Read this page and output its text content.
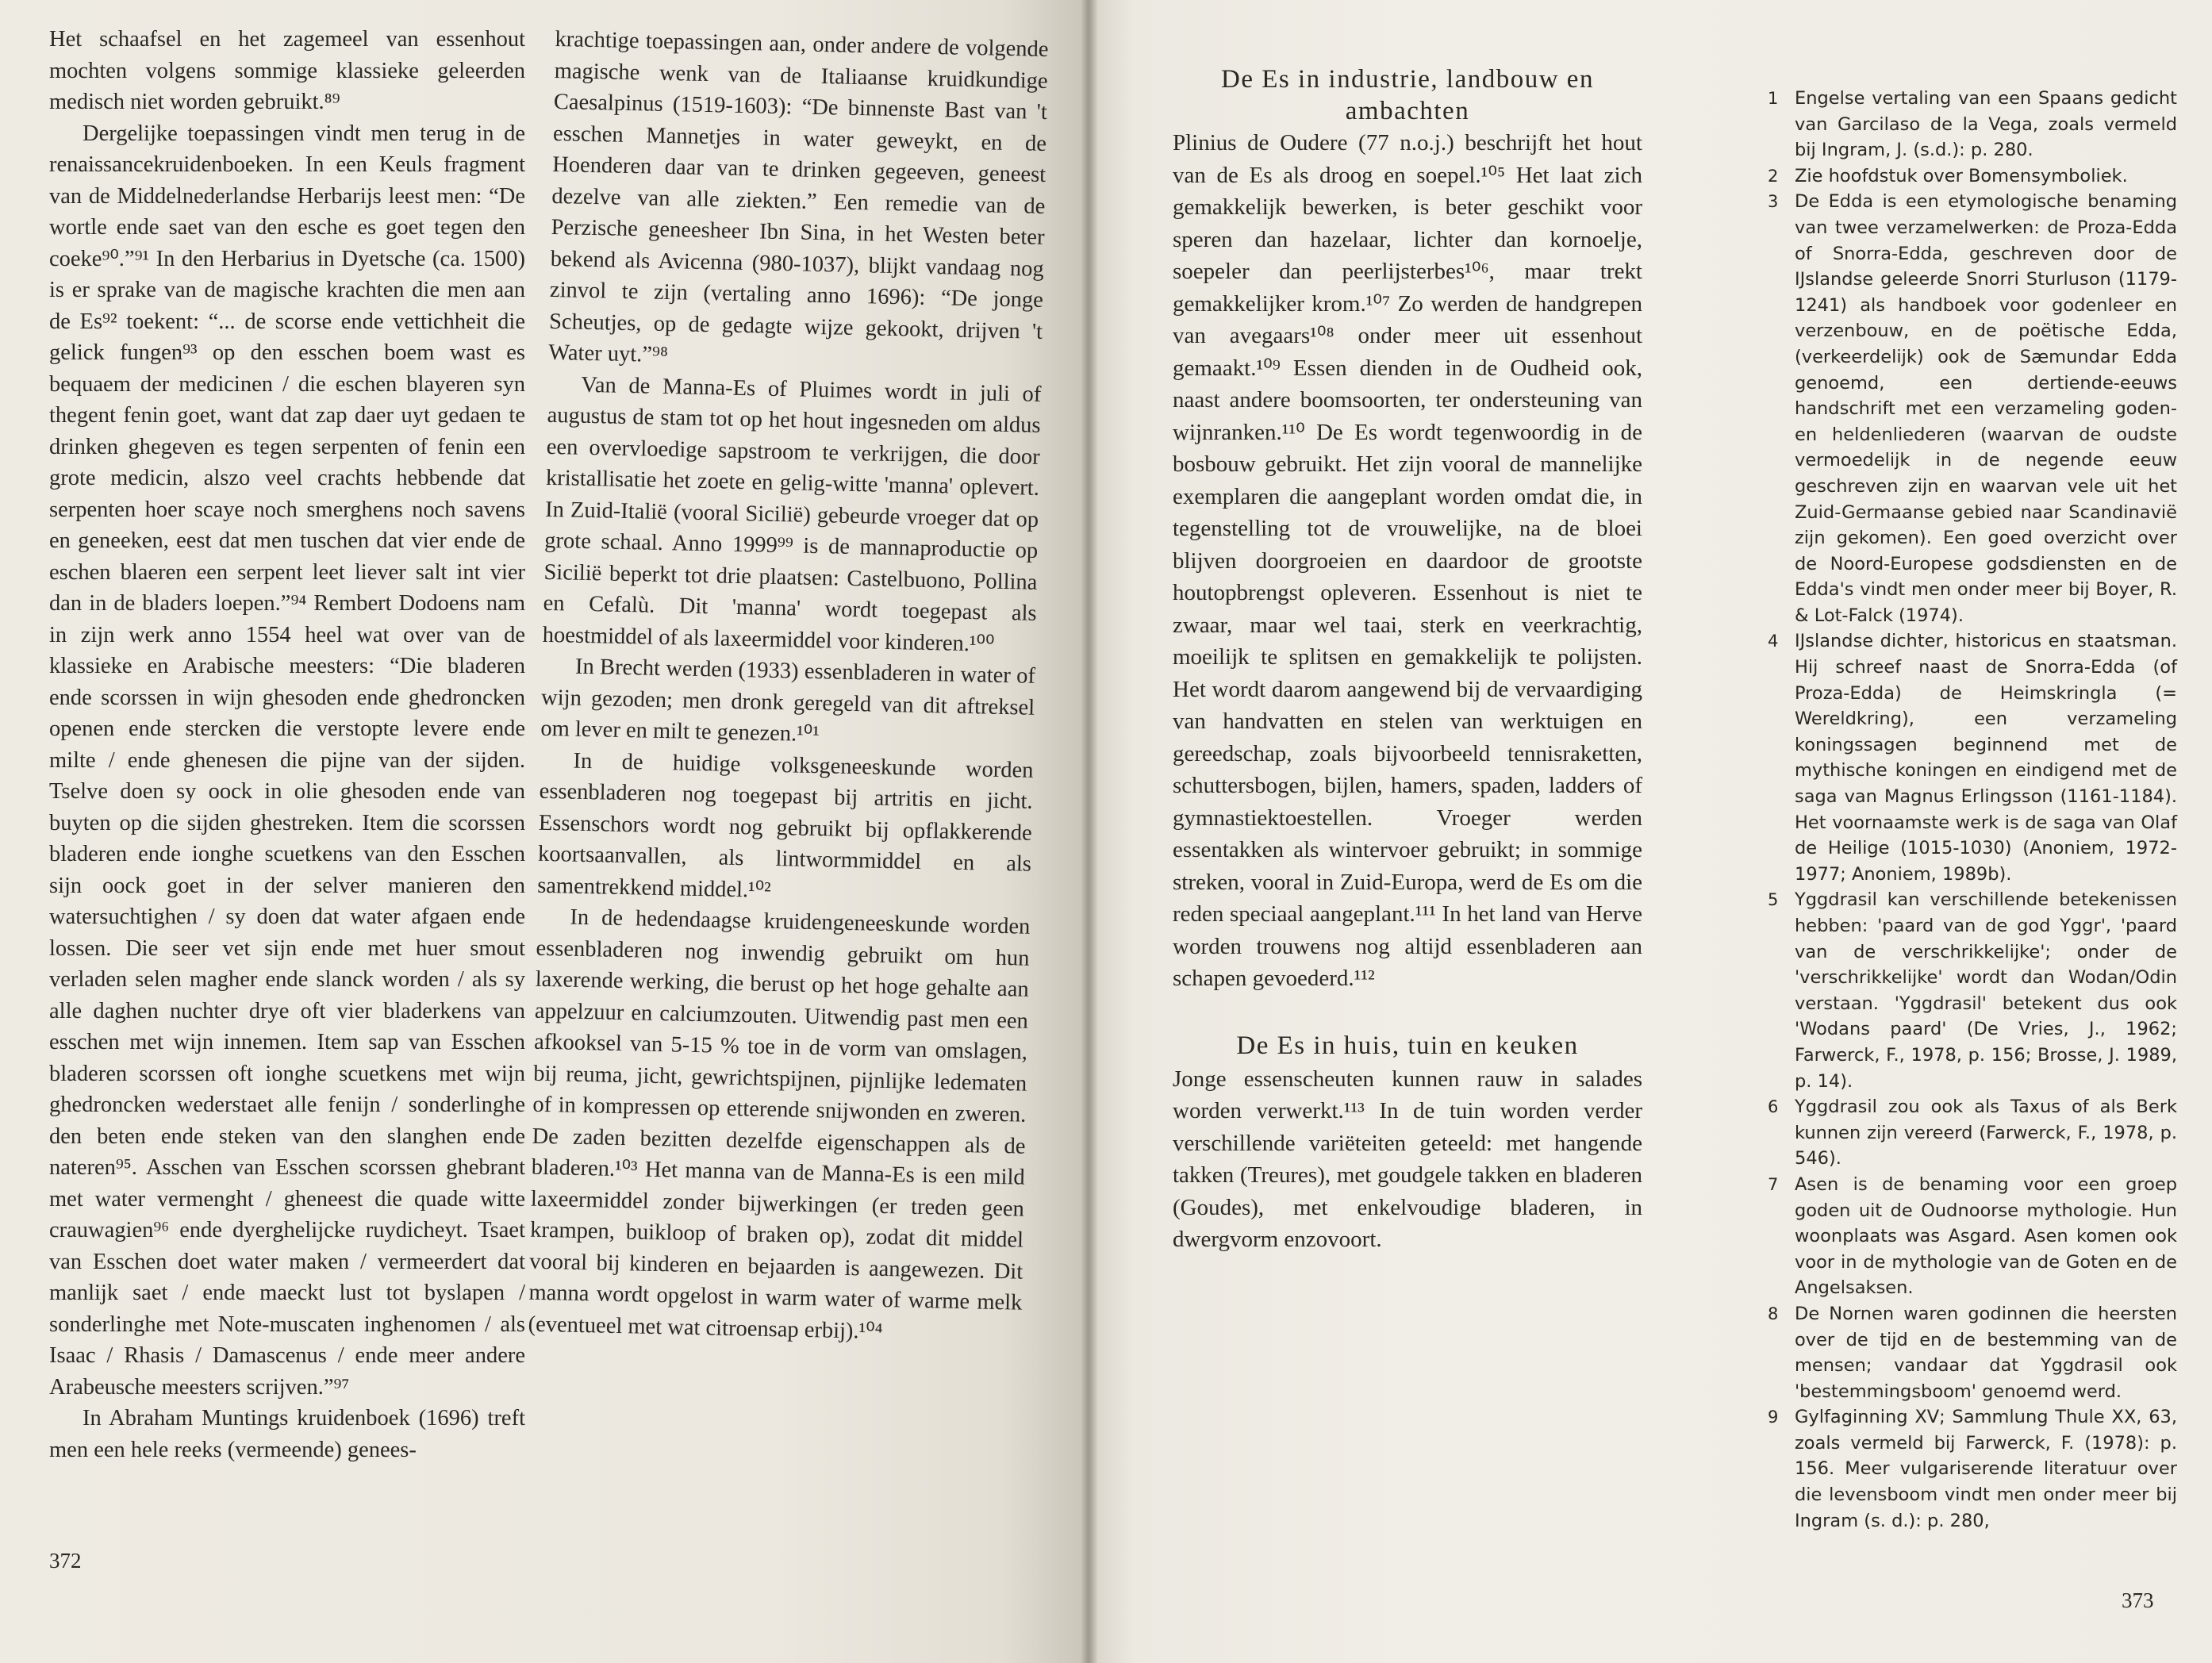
Het schaafsel en het zagemeel van essenhout mochten volgens sommige klassieke geleerden medisch niet worden gebruikt.⁸⁹

Dergelijke toepassingen vindt men terug in de renaissancekruidenboeken. In een Keuls fragment van de Middelnederlandse Herbarijs leest men: “De wortle ende saet van den esche es goet tegen den coeke⁹⁰.”⁹¹ In den Herbarius in Dyetsche (ca. 1500) is er sprake van de magische krachten die men aan de Es⁹² toekent: “... de scorse ende vettichheit die gelick fungen⁹³ op den esschen boem wast es bequaem der medicinen / die eschen blayeren syn thegent fenin goet, want dat zap daer uyt gedaen te drinken ghegeven es tegen serpenten of fenin een grote medicin, alszo veel crachts hebbende dat serpenten hoer scaye noch smerghens noch savens en geneeken, eest dat men tuschen dat vier ende de eschen blaeren een serpent leet liever salt int vier dan in de bladers loepen.”⁹⁴ Rembert Dodoens nam in zijn werk anno 1554 heel wat over van de klassieke en Arabische meesters: “Die bladeren ende scorssen in wijn ghesoden ende ghedroncken openen ende stercken die verstopte levere ende milte / ende ghenesen die pijne van der sijden. Tselve doen sy oock in olie ghesoden ende van buyten op die sijden ghestreken. Item die scorssen bladeren ende ionghe scuetkens van den Esschen sijn oock goet in der selver manieren den watersuchtighen / sy doen dat water afgaen ende lossen. Die seer vet sijn ende met huer smout verladen selen magher ende slanck worden / als sy alle daghen nuchter drye oft vier bladerkens van esschen met wijn innemen. Item sap van Esschen bladeren scorssen oft ionghe scuetkens met wijn ghedroncken wederstaet alle fenijn / sonderlinghe den beten ende steken van den slanghen ende nateren⁹⁵. Asschen van Esschen scorssen ghebrant met water vermenght / gheneest die quade witte crauwagien⁹⁶ ende dyerghelijcke ruydicheyt. Tsaet van Esschen doet water maken / vermeerdert dat manlijk saet / ende maeckt lust tot byslapen / sonderlinghe met Note-muscaten inghenomen / als Isaac / Rhasis / Damascenus / ende meer andere Arabeusche meesters scrijven.”⁹⁷

In Abraham Muntings kruidenboek (1696) treft men een hele reeks (vermeende) genees-

krachtige toepassingen aan, onder andere de volgende magische wenk van de Italiaanse kruidkundige Caesalpinus (1519-1603): “De binnenste Bast van 't esschen Mannetjes in water geweykt, en de Hoenderen daar van te drinken gegeeven, geneest dezelve van alle ziekten.” Een remedie van de Perzische geneesheer Ibn Sina, in het Westen beter bekend als Avicenna (980-1037), blijkt vandaag nog zinvol te zijn (vertaling anno 1696): “De jonge Scheutjes, op de gedagte wijze gekookt, drijven 't Water uyt.”⁹⁸

Van de Manna-Es of Pluimes wordt in juli of augustus de stam tot op het hout ingesneden om aldus een overvloedige sapstroom te verkrijgen, die door kristallisatie het zoete en gelig-witte 'manna' oplevert. In Zuid-Italië (vooral Sicilië) gebeurde vroeger dat op grote schaal. Anno 1999⁹⁹ is de mannaproductie op Sicilië beperkt tot drie plaatsen: Castelbuono, Pollina en Cefalù. Dit 'manna' wordt toegepast als hoestmiddel of als laxeermiddel voor kinderen.¹⁰⁰

In Brecht werden (1933) essenbladeren in water of wijn gezoden; men dronk geregeld van dit aftreksel om lever en milt te genezen.¹⁰¹

In de huidige volksgeneeskunde worden essenbladeren nog toegepast bij artritis en jicht. Essenschors wordt nog gebruikt bij opflakkerende koortsaanvallen, als lintwormmiddel en als samentrekkend middel.¹⁰²

In de hedendaagse kruidengeneeskunde worden essenbladeren nog inwendig gebruikt om hun laxerende werking, die berust op het hoge gehalte aan appelzuur en calciumzouten. Uitwendig past men een afkooksel van 5-15 % toe in de vorm van omslagen, bij reuma, jicht, gewrichtspijnen, pijnlijke ledematen of in kompressen op etterende snijwonden en zweren. De zaden bezitten dezelfde eigenschappen als de bladeren.¹⁰³ Het manna van de Manna-Es is een mild laxeermiddel zonder bijwerkingen (er treden geen krampen, buikloop of braken op), zodat dit middel vooral bij kinderen en bejaarden is aangewezen. Dit manna wordt opgelost in warm water of warme melk (eventueel met wat citroensap erbij).¹⁰⁴

372
De Es in industrie, landbouw en ambachten

Plinius de Oudere (77 n.o.j.) beschrijft het hout van de Es als droog en soepel.¹⁰⁵ Het laat zich gemakkelijk bewerken, is beter geschikt voor speren dan hazelaar, lichter dan kornoelje, soepeler dan peerlijsterbes¹⁰⁶, maar trekt gemakkelijker krom.¹⁰⁷ Zo werden de handgrepen van avegaars¹⁰⁸ onder meer uit essenhout gemaakt.¹⁰⁹ Essen dienden in de Oudheid ook, naast andere boomsoorten, ter ondersteuning van wijnranken.¹¹⁰ De Es wordt tegenwoordig in de bosbouw gebruikt. Het zijn vooral de mannelijke exemplaren die aangeplant worden omdat die, in tegenstelling tot de vrouwelijke, na de bloei blijven doorgroeien en daardoor de grootste houtopbrengst opleveren. Essenhout is niet te zwaar, maar wel taai, sterk en veerkrachtig, moeilijk te splitsen en gemakkelijk te polijsten. Het wordt daarom aangewend bij de vervaardiging van handvatten en stelen van werktuigen en gereedschap, zoals bijvoorbeeld tennisraketten, schuttersbogen, bijlen, hamers, spaden, ladders of gymnastiektoestellen. Vroeger werden essentakken als wintervoer gebruikt; in sommige streken, vooral in Zuid-Europa, werd de Es om die reden speciaal aangeplant.¹¹¹ In het land van Herve worden trouwens nog altijd essenbladeren aan schapen gevoederd.¹¹²

De Es in huis, tuin en keuken

Jonge essenscheuten kunnen rauw in salades worden verwerkt.¹¹³ In de tuin worden verder verschillende variëteiten geteeld: met hangende takken (Treures), met goudgele takken en bladeren (Goudes), met enkelvoudige bladeren, in dwergvorm enzovoort.

1 Engelse vertaling van een Spaans gedicht van Garcilaso de la Vega, zoals vermeld bij Ingram, J. (s.d.): p. 280.
2 Zie hoofdstuk over Bomensymboliek.
3 De Edda is een etymologische benaming van twee verzamelwerken: de Proza-Edda of Snorra-Edda, geschreven door de IJslandse geleerde Snorri Sturluson (1179-1241) als handboek voor godenleer en verzenbouw, en de poëtische Edda, (verkeerdelijk) ook de Sæmundar Edda genoemd, een dertiende-eeuws handschrift met een verzameling goden- en heldenliederen (waarvan de oudste vermoedelijk in de negende eeuw geschreven zijn en waarvan vele uit het Zuid-Germaanse gebied naar Scandinavië zijn gekomen). Een goed overzicht over de Noord-Europese godsdiensten en de Edda's vindt men onder meer bij Boyer, R. & Lot-Falck (1974).
4 IJslandse dichter, historicus en staatsman. Hij schreef naast de Snorra-Edda (of Proza-Edda) de Heimskringla (= Wereldkring), een verzameling koningssagen beginnend met de mythische koningen en eindigend met de saga van Magnus Erlingsson (1161-1184). Het voornaamste werk is de saga van Olaf de Heilige (1015-1030) (Anoniem, 1972-1977; Anoniem, 1989b).
5 Yggdrasil kan verschillende betekenissen hebben: 'paard van de god Yggr', 'paard van de verschrikkelijke'; onder de 'verschrikkelijke' wordt dan Wodan/Odin verstaan. 'Yggdrasil' betekent dus ook 'Wodans paard' (De Vries, J., 1962; Farwerck, F., 1978, p. 156; Brosse, J. 1989, p. 14).
6 Yggdrasil zou ook als Taxus of als Berk kunnen zijn vereerd (Farwerck, F., 1978, p. 546).
7 Asen is de benaming voor een groep goden uit de Oudnoorse mythologie. Hun woonplaats was Asgard. Asen komen ook voor in de mythologie van de Goten en de Angelsaksen.
8 De Nornen waren godinnen die heersten over de tijd en de bestemming van de mensen; vandaar dat Yggdrasil ook 'bestemmingsboom' genoemd werd.
9 Gylfaginning XV; Sammlung Thule XX, 63, zoals vermeld bij Farwerck, F. (1978): p. 156. Meer vulgariserende literatuur over die levensboom vindt men onder meer bij Ingram (s. d.): p. 280,
373
